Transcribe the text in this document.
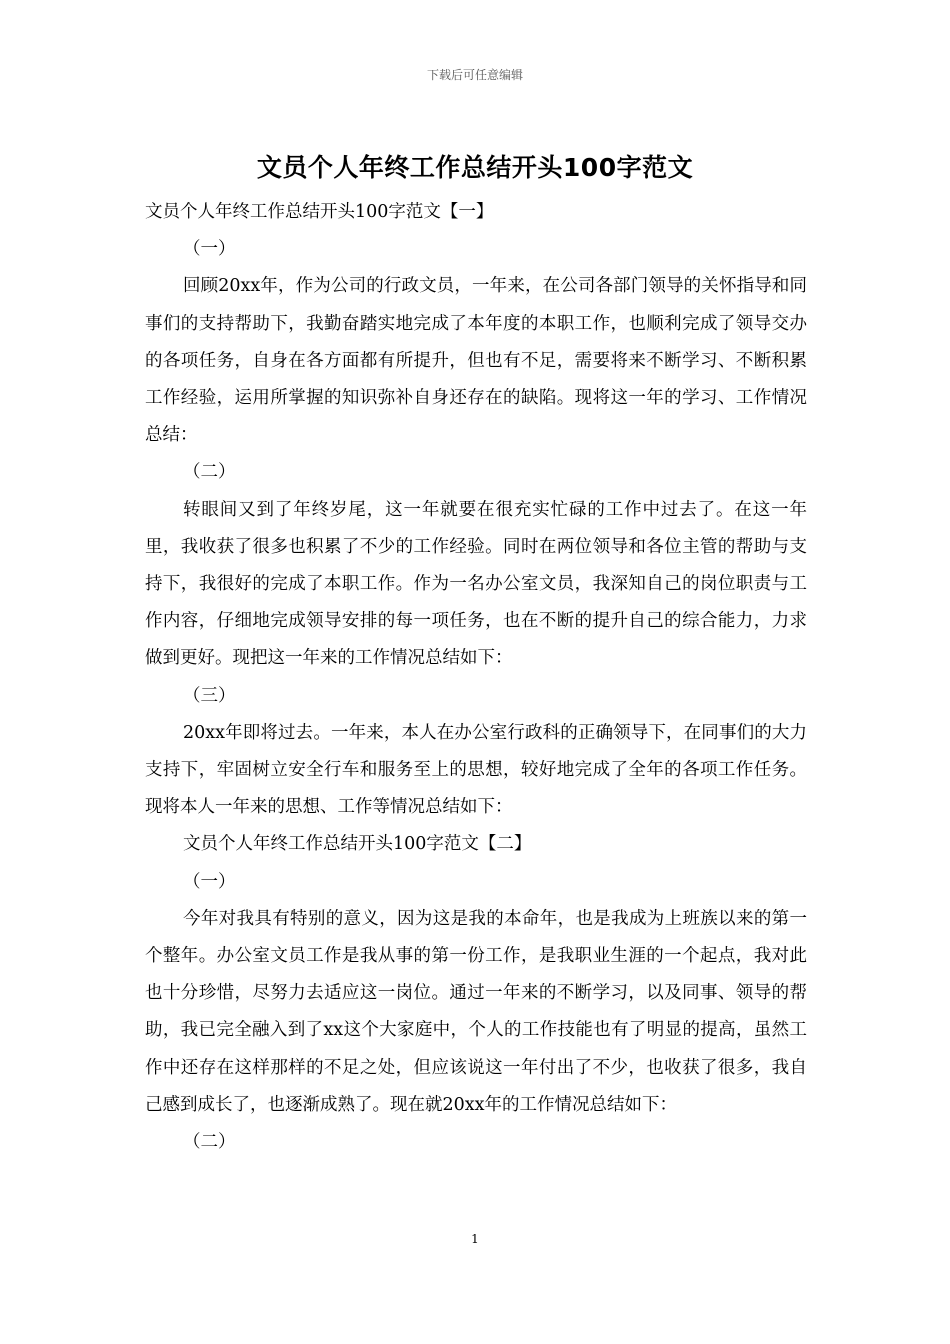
下载后可任意编辑
文员个人年终工作总结开头100字范文

文员个人年终工作总结开头100字范文【一】

（一）

回顾20xx年，作为公司的行政文员，一年来，在公司各部门领导的关怀指导和同事们的支持帮助下，我勤奋踏实地完成了本年度的本职工作，也顺利完成了领导交办的各项任务，自身在各方面都有所提升，但也有不足，需要将来不断学习、不断积累工作经验，运用所掌握的知识弥补自身还存在的缺陷。现将这一年的学习、工作情况总结：

（二）

转眼间又到了年终岁尾，这一年就要在很充实忙碌的工作中过去了。在这一年里，我收获了很多也积累了不少的工作经验。同时在两位领导和各位主管的帮助与支持下，我很好的完成了本职工作。作为一名办公室文员，我深知自己的岗位职责与工作内容，仔细地完成领导安排的每一项任务，也在不断的提升自己的综合能力，力求做到更好。现把这一年来的工作情况总结如下：

（三）

20xx年即将过去。一年来，本人在办公室行政科的正确领导下，在同事们的大力支持下，牢固树立安全行车和服务至上的思想，较好地完成了全年的各项工作任务。现将本人一年来的思想、工作等情况总结如下：

文员个人年终工作总结开头100字范文【二】

（一）

今年对我具有特别的意义，因为这是我的本命年，也是我成为上班族以来的第一个整年。办公室文员工作是我从事的第一份工作，是我职业生涯的一个起点，我对此也十分珍惜，尽努力去适应这一岗位。通过一年来的不断学习，以及同事、领导的帮助，我已完全融入到了xx这个大家庭中，个人的工作技能也有了明显的提高，虽然工作中还存在这样那样的不足之处，但应该说这一年付出了不少，也收获了很多，我自己感到成长了，也逐渐成熟了。现在就20xx年的工作情况总结如下：

（二）

1
